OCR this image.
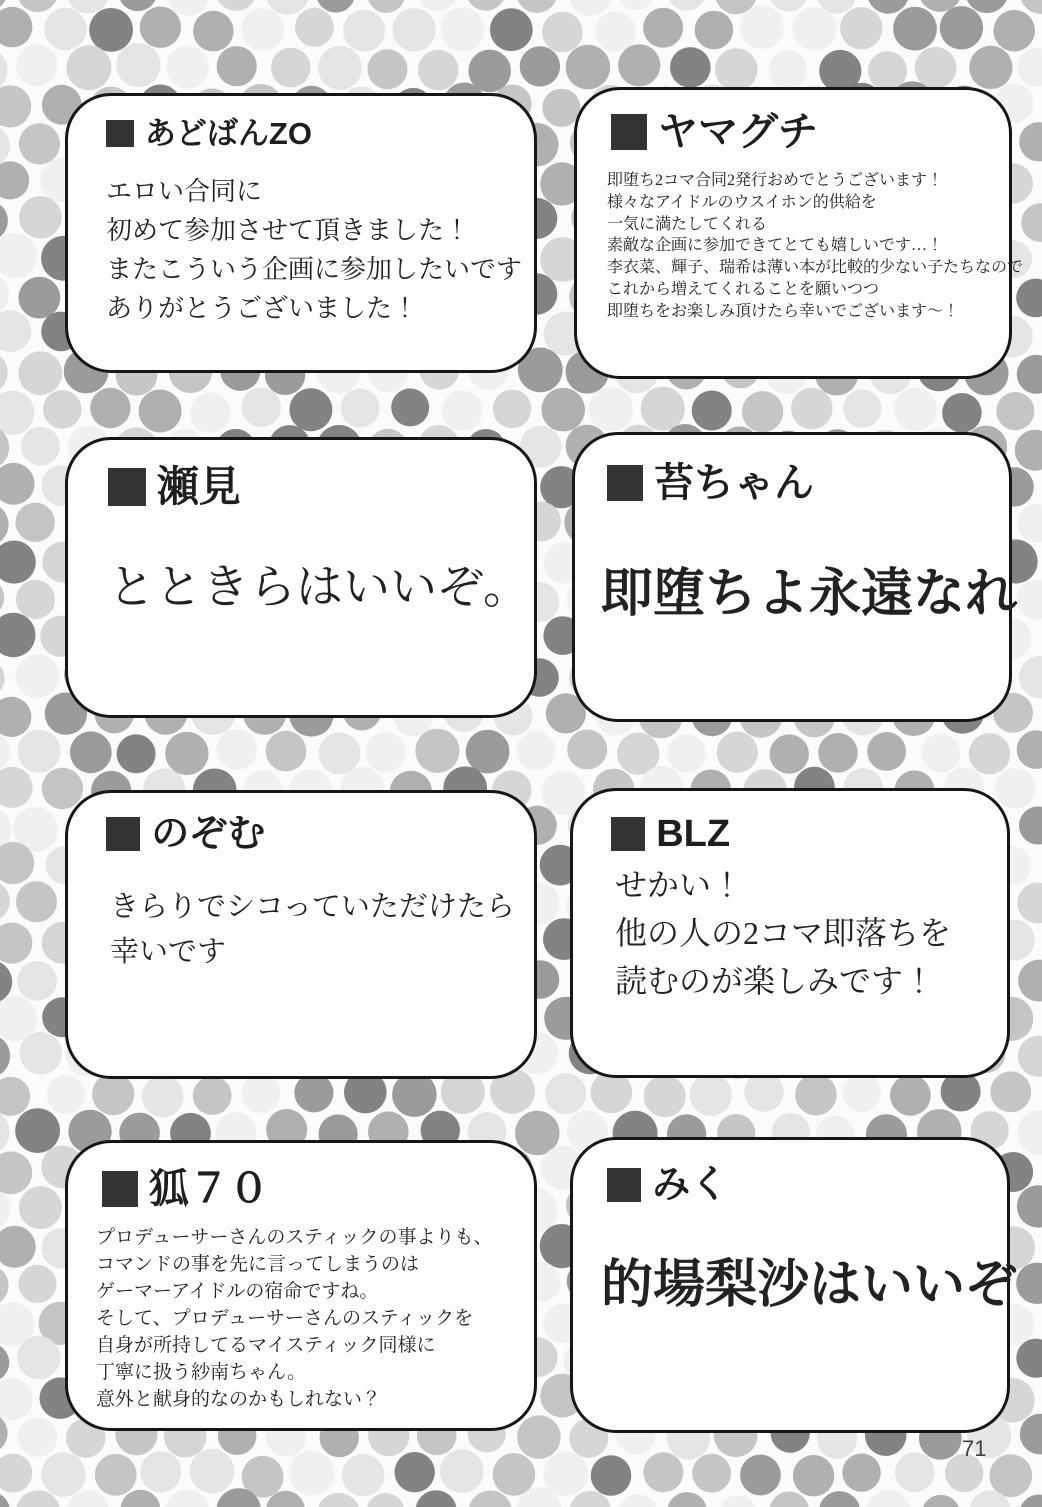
あどばんZO
エロい合同に
初めて参加させて頂きました！
またこういう企画に参加したいです
ありがとうございました！
ヤマグチ
即堕ち2コマ合同2発行おめでとうございます！
様々なアイドルのウスイホン的供給を
一気に満たしてくれる
素敵な企画に参加できてとても嬉しいです…！
李衣菜、輝子、瑞希は薄い本が比較的少ない子たちなので
これから増えてくれることを願いつつ
即堕ちをお楽しみ頂けたら幸いでございます～！
瀬見
とときらはいいぞ。
苔ちゃん
即堕ちよ永遠なれ
のぞむ
きらりでシコっていただけたら
幸いです
BLZ
せかい！
他の人の2コマ即落ちを
読むのが楽しみです！
狐７０
プロデューサーさんのスティックの事よりも、
コマンドの事を先に言ってしまうのは
ゲーマーアイドルの宿命ですね。
そして、プロデューサーさんのスティックを
自身が所持してるマイスティック同様に
丁寧に扱う紗南ちゃん。
意外と献身的なのかもしれない？
みく
的場梨沙はいいぞ
71
